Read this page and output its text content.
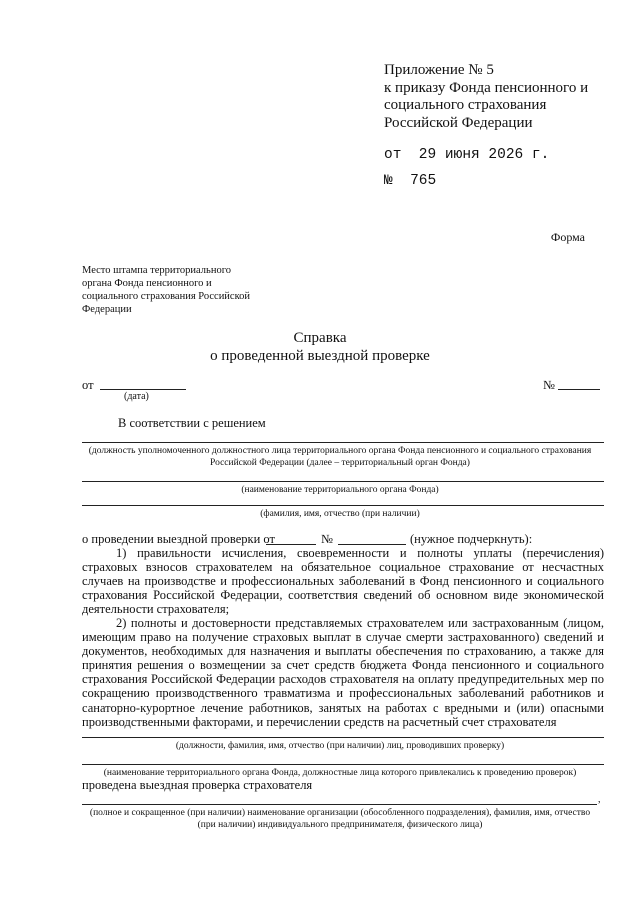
Приложение № 5
к приказу Фонда пенсионного и
социального страхования
Российской Федерации
от  29 июня 2026 г.
№  765
Форма
Место штампа территориального
органа Фонда пенсионного и
социального страхования Российской
Федерации
Справка
о проведенной выездной проверке
от
(дата)
№
В соответствии с решением
(должность уполномоченного должностного лица территориального органа Фонда пенсионного и социального страхования
Российской Федерации (далее – территориальный орган Фонда)
(наименование территориального органа Фонда)
(фамилия, имя, отчество (при наличии)
о проведении выездной проверки от	№	(нужное подчеркнуть):

1) правильности исчисления, своевременности и полноты уплаты (перечисления) страховых взносов страхователем на обязательное социальное страхование от несчастных случаев на производстве и профессиональных заболеваний в Фонд пенсионного и социального страхования Российской Федерации, соответствия сведений об основном виде экономической деятельности страхователя;

2) полноты и достоверности представляемых страхователем или застрахованным (лицом, имеющим право на получение страховых выплат в случае смерти застрахованного) сведений и документов, необходимых для назначения и выплаты обеспечения по страхованию, а также для принятия решения о возмещении за счет средств бюджета Фонда пенсионного и социального страхования Российской Федерации расходов страхователя на оплату предупредительных мер по сокращению производственного травматизма и профессиональных заболеваний работников и санаторно-курортное лечение работников, занятых на работах с вредными и (или) опасными производственными факторами, и перечислении средств на расчетный счет страхователя

(должности, фамилия, имя, отчество (при наличии) лиц, проводивших проверку)
(наименование территориального органа Фонда, должностные лица которого привлекались к проведению проверок)
проведена выездная проверка страхователя
,
(полное и сокращенное (при наличии) наименование организации (обособленного подразделения), фамилия, имя, отчество
(при наличии) индивидуального предпринимателя, физического лица)
